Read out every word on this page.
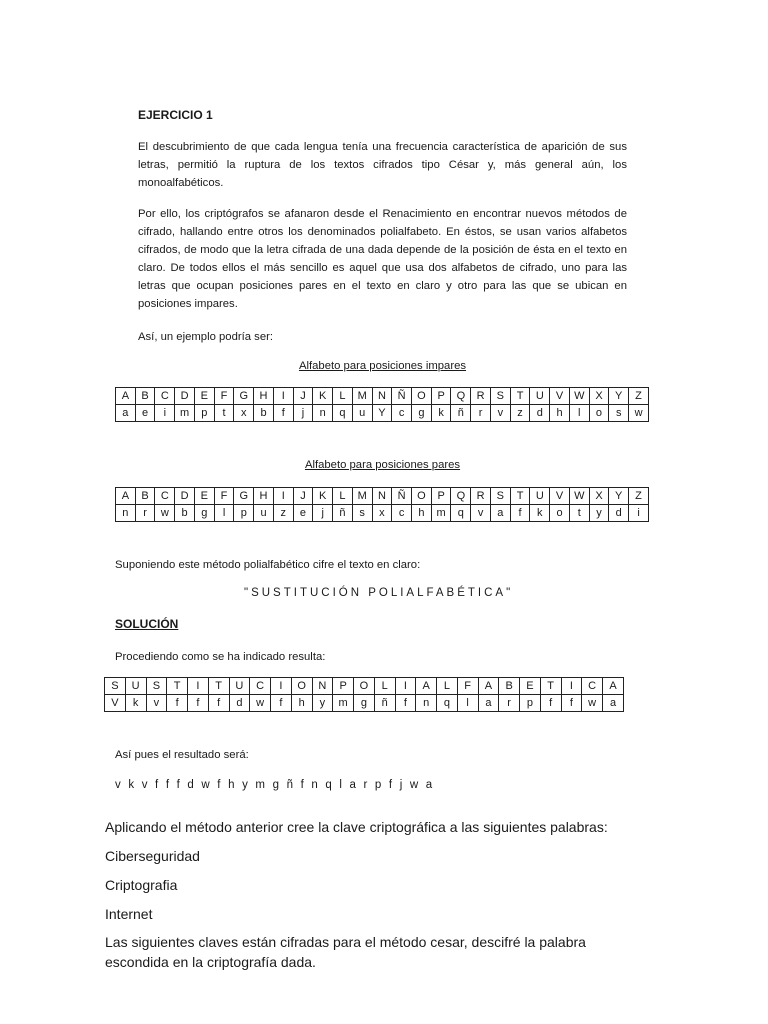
EJERCICIO 1
El descubrimiento de que cada lengua tenía una frecuencia característica de aparición de sus letras, permitió la ruptura de los textos cifrados tipo César y, más general aún, los monoalfabéticos.
Por ello, los criptógrafos se afanaron desde el Renacimiento en encontrar nuevos métodos de cifrado, hallando entre otros los denominados polialfabeto. En éstos, se usan varios alfabetos cifrados, de modo que la letra cifrada de una dada depende de la posición de ésta en el texto en claro. De todos ellos el más sencillo es aquel que usa dos alfabetos de cifrado, uno para las letras que ocupan posiciones pares en el texto en claro y otro para las que se ubican en posiciones impares.
Así, un ejemplo podría ser:
Alfabeto para posiciones impares
A	B	C	D	E	F	G	H	I	J	K	L	M	N	Ñ	O	P	Q	R	S	T	U	V	W	X	Y	Z
a	e	i	m	p	t	x	b	f	j	n	q	u	Y	c	g	k	ñ	r	v	z	d	h	l	o	s	w
Alfabeto para posiciones pares
A	B	C	D	E	F	G	H	I	J	K	L	M	N	Ñ	O	P	Q	R	S	T	U	V	W	X	Y	Z
n	r	w	b	g	l	p	u	z	e	j	ñ	s	x	c	h	m	q	v	a	f	k	o	t	y	d	i
Suponiendo este método polialfabético cifre el texto en claro:
"SUSTITUCIÓN POLIALFABÉTICA"
SOLUCIÓN
Procediendo como se ha indicado resulta:
S	U	S	T	I	T	U	C	I	O	N	P	O	L	I	A	L	F	A	B	E	T	I	C	A
V	k	v	f	f	f	d	w	f	h	y	m	g	ñ	f	n	q	l	a	r	p	f	f	w	a
Así pues el resultado será:
v k v f f f d w f h y m g ñ f n q l a r p f j w a
Aplicando el método anterior cree la clave criptográfica a las siguientes palabras:
Ciberseguridad
Criptografia
Internet
Las siguientes claves están cifradas para el método cesar, descifré la palabra escondida en la criptografía dada.
